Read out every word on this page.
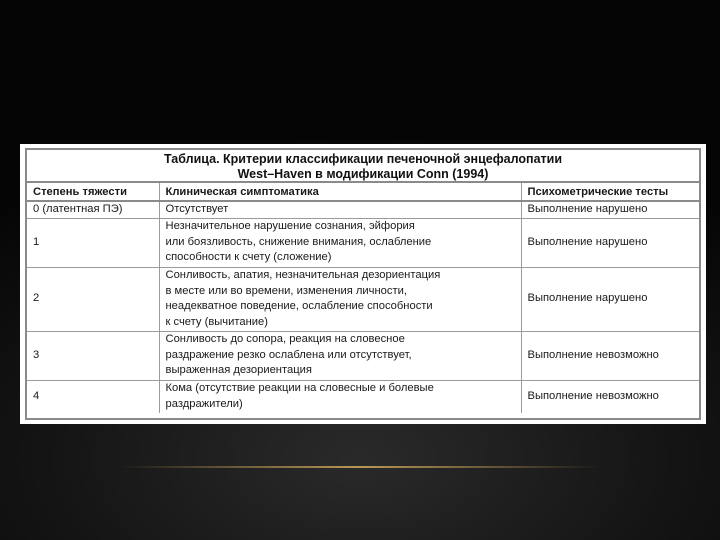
Таблица. Критерии классификации печеночной энцефалопатии
West–Haven в модификации Conn (1994)
Степень тяжести	Клиническая симптоматика	Психометрические тесты
0 (латентная ПЭ)	Отсутствует	Выполнение нарушено
1	Незначительное нарушение сознания, эйфория
или боязливость, снижение внимания, ослабление
способности к счету (сложение)	Выполнение нарушено
2	Сонливость, апатия, незначительная дезориентация
в месте или во времени, изменения личности,
неадекватное поведение, ослабление способности
к счету (вычитание)	Выполнение нарушено
3	Сонливость до сопора, реакция на словесное
раздражение резко ослаблена или отсутствует,
выраженная дезориентация	Выполнение невозможно
4	Кома (отсутствие реакции на словесные и болевые
раздражители)	Выполнение невозможно
